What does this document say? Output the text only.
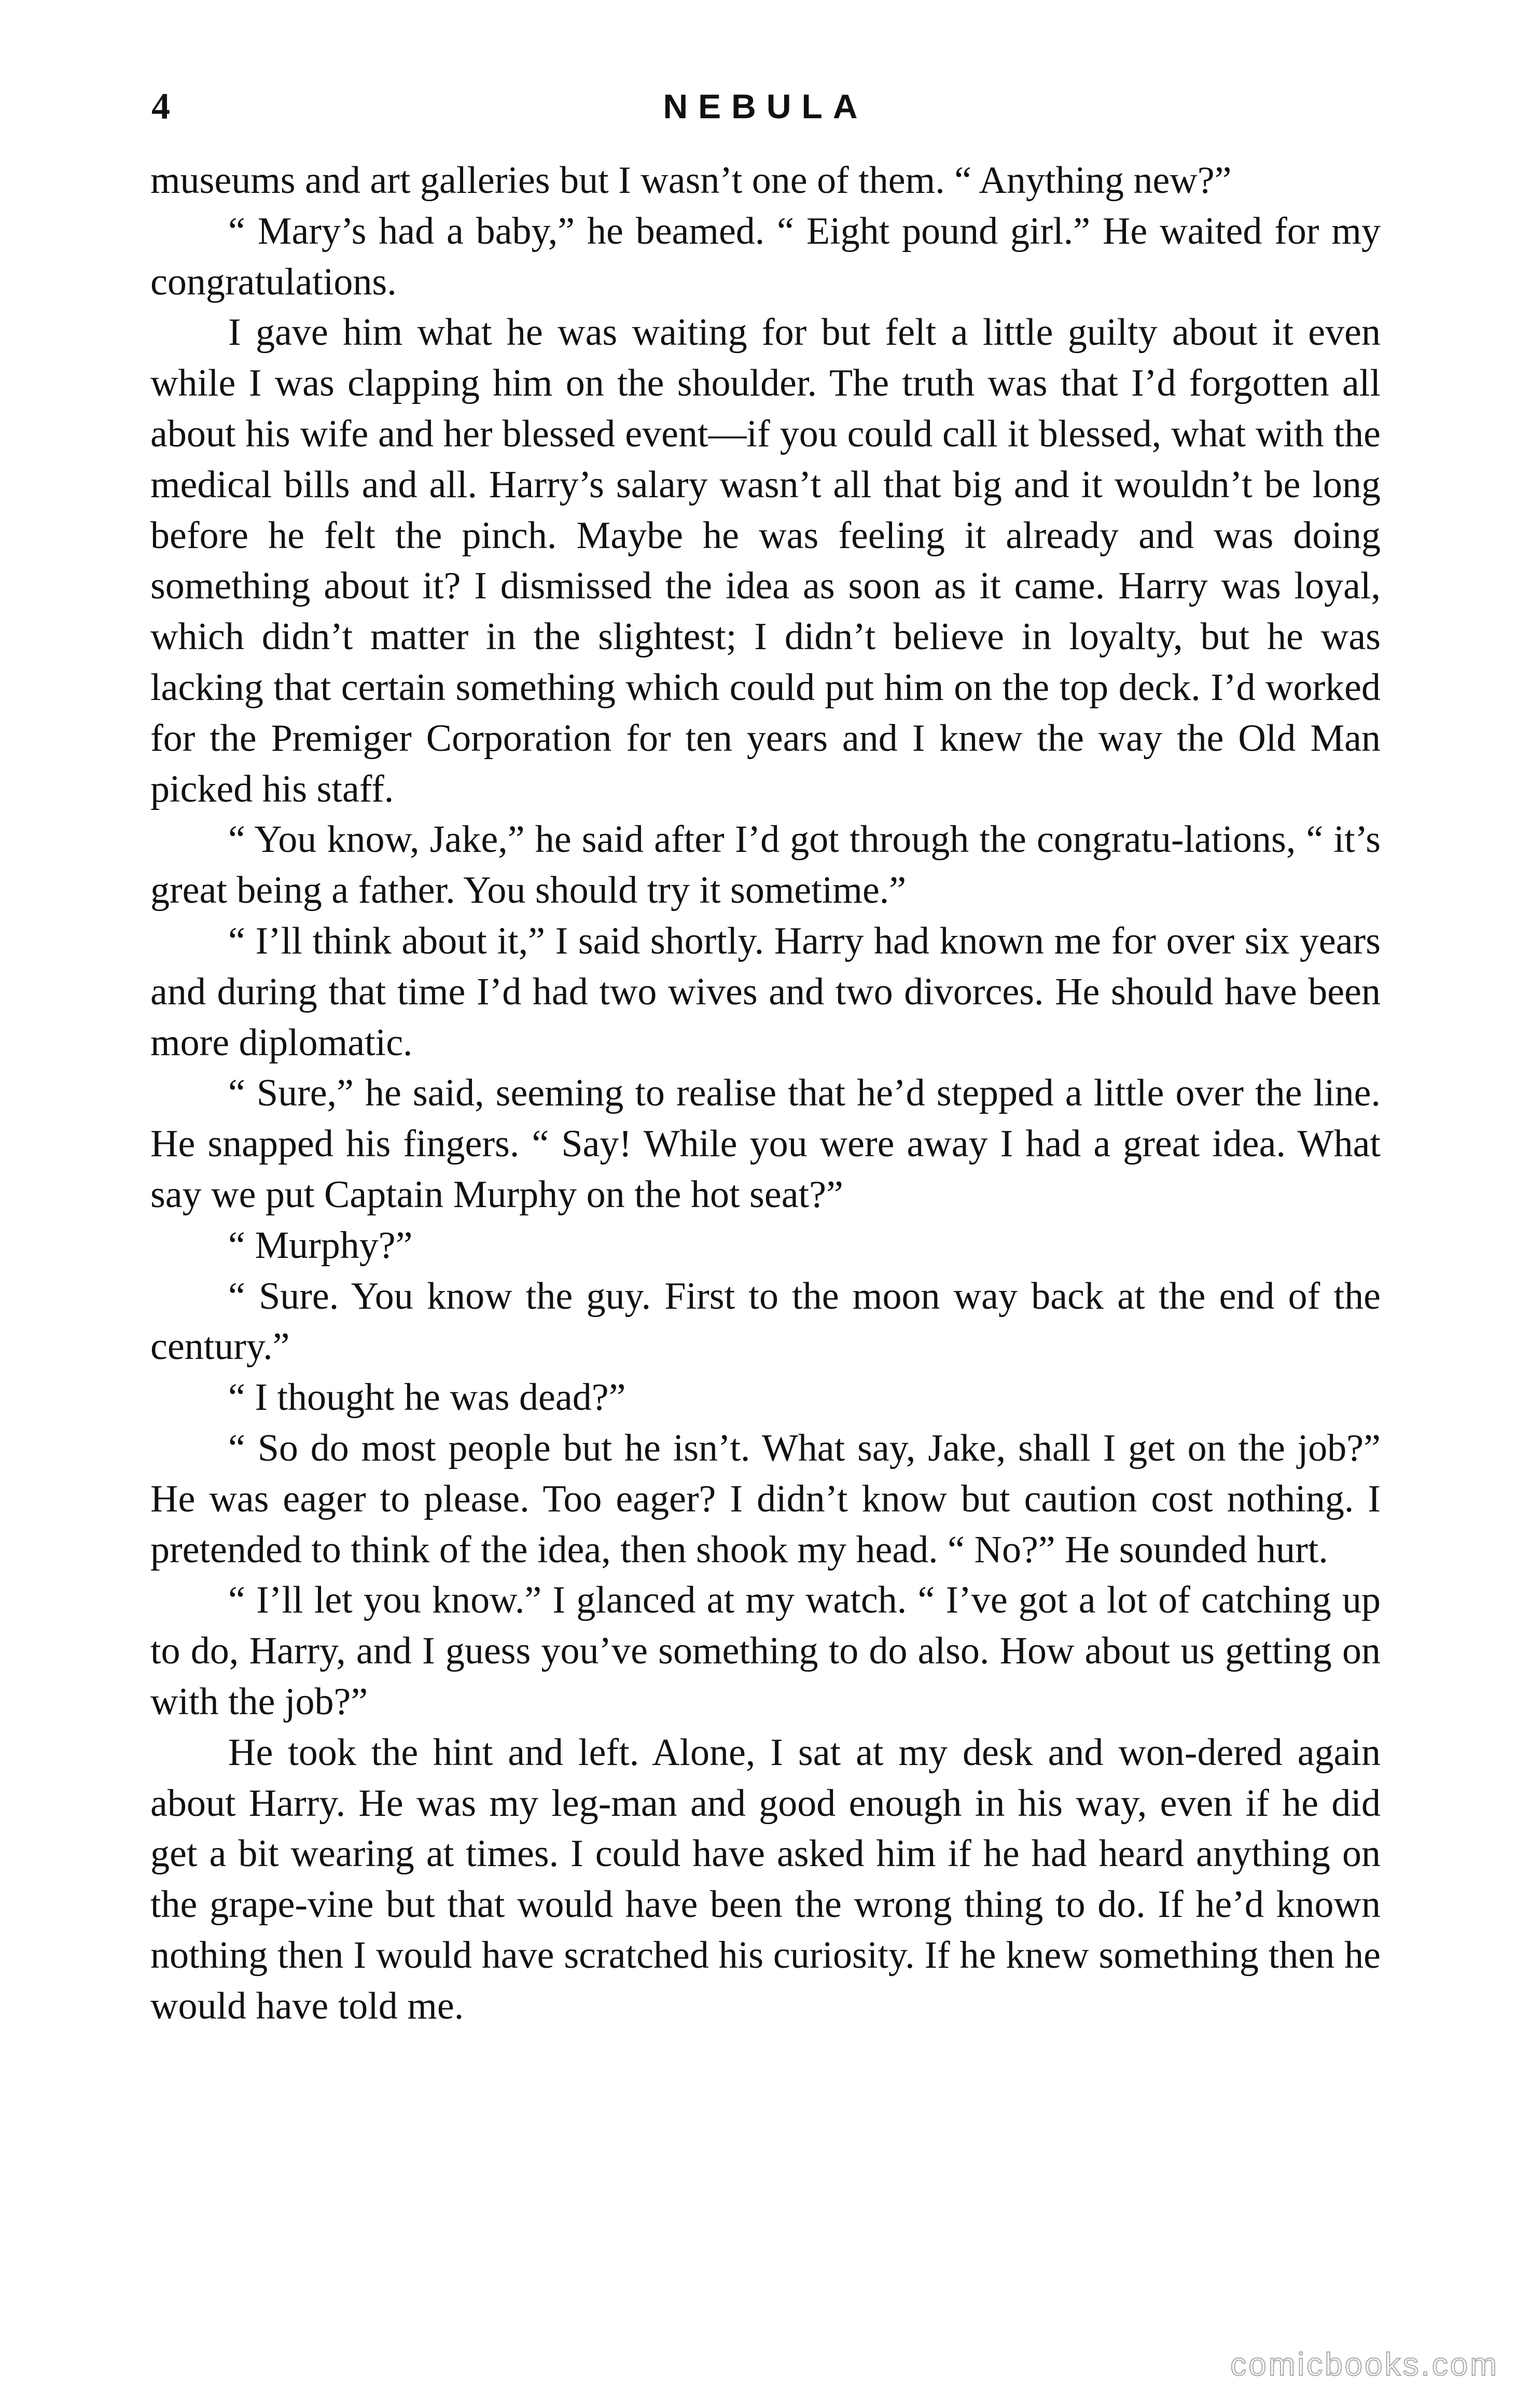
4	NEBULA

museums and art galleries but I wasn’t one of them. “ Anything new?”

“ Mary’s had a baby,” he beamed. “ Eight pound girl.” He waited for my congratulations.

I gave him what he was waiting for but felt a little guilty about it even while I was clapping him on the shoulder. The truth was that I’d forgotten all about his wife and her blessed event—if you could call it blessed, what with the medical bills and all. Harry’s salary wasn’t all that big and it wouldn’t be long before he felt the pinch. Maybe he was feeling it already and was doing something about it? I dismissed the idea as soon as it came. Harry was loyal, which didn’t matter in the slightest; I didn’t believe in loyalty, but he was lacking that certain something which could put him on the top deck. I’d worked for the Premiger Corporation for ten years and I knew the way the Old Man picked his staff.

“ You know, Jake,” he said after I’d got through the congratu-lations, “ it’s great being a father. You should try it sometime.”

“ I’ll think about it,” I said shortly. Harry had known me for over six years and during that time I’d had two wives and two divorces. He should have been more diplomatic.

“ Sure,” he said, seeming to realise that he’d stepped a little over the line. He snapped his fingers. “ Say! While you were away I had a great idea. What say we put Captain Murphy on the hot seat?”

“ Murphy?”

“ Sure. You know the guy. First to the moon way back at the end of the century.”

“ I thought he was dead?”

“ So do most people but he isn’t. What say, Jake, shall I get on the job?” He was eager to please. Too eager? I didn’t know but caution cost nothing. I pretended to think of the idea, then shook my head. “ No?” He sounded hurt.

“ I’ll let you know.” I glanced at my watch. “ I’ve got a lot of catching up to do, Harry, and I guess you’ve something to do also. How about us getting on with the job?”

He took the hint and left. Alone, I sat at my desk and won-dered again about Harry. He was my leg-man and good enough in his way, even if he did get a bit wearing at times. I could have asked him if he had heard anything on the grape-vine but that would have been the wrong thing to do. If he’d known nothing then I would have scratched his curiosity. If he knew something then he would have told me.

comicbooks.com
